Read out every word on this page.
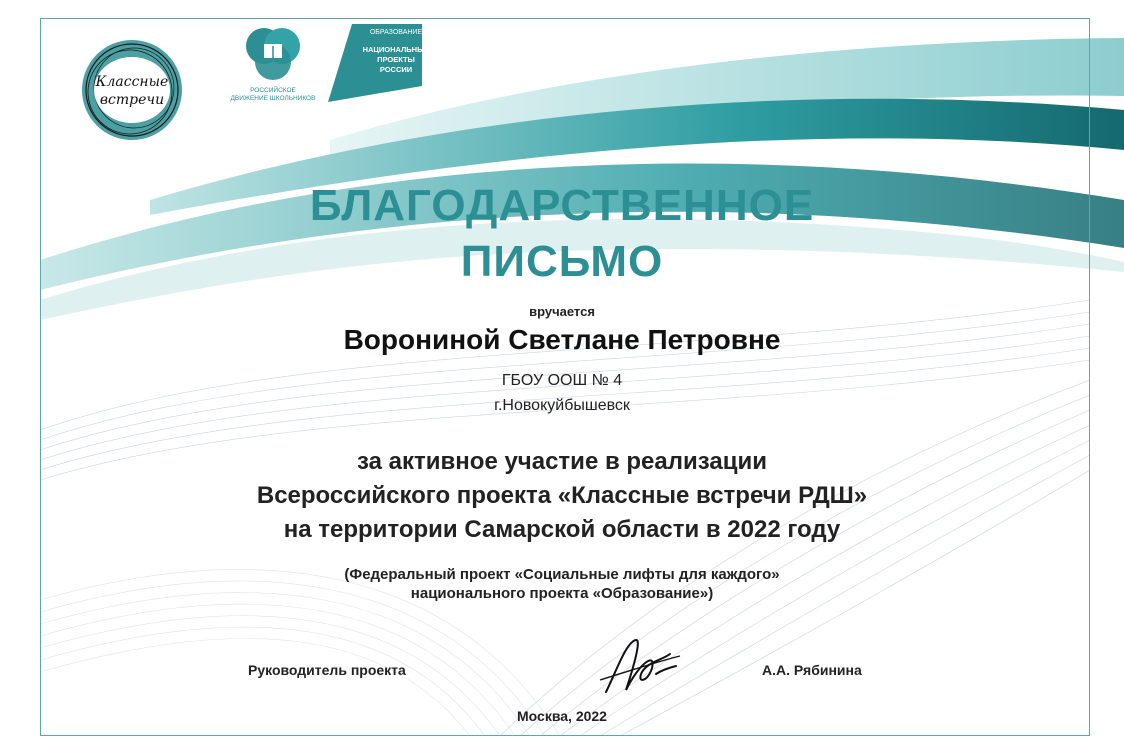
Классные
встречи
РОССИЙСКОЕ
ДВИЖЕНИЕ ШКОЛЬНИКОВ
ОБРАЗОВАНИЕ
НАЦИОНАЛЬНЫЕ
ПРОЕКТЫ
РОССИИ
БЛАГОДАРСТВЕННОЕ
ПИСЬМО
вручается
Ворониной Светлане Петровне
ГБОУ ООШ № 4
г.Новокуйбышевск
за активное участие в реализации
Всероссийского проекта «Классные встречи РДШ»
на территории Самарской области в 2022 году
(Федеральный проект «Социальные лифты для каждого»
национального проекта «Образование»)
Руководитель проекта	А.А. Рябинина
Москва, 2022
